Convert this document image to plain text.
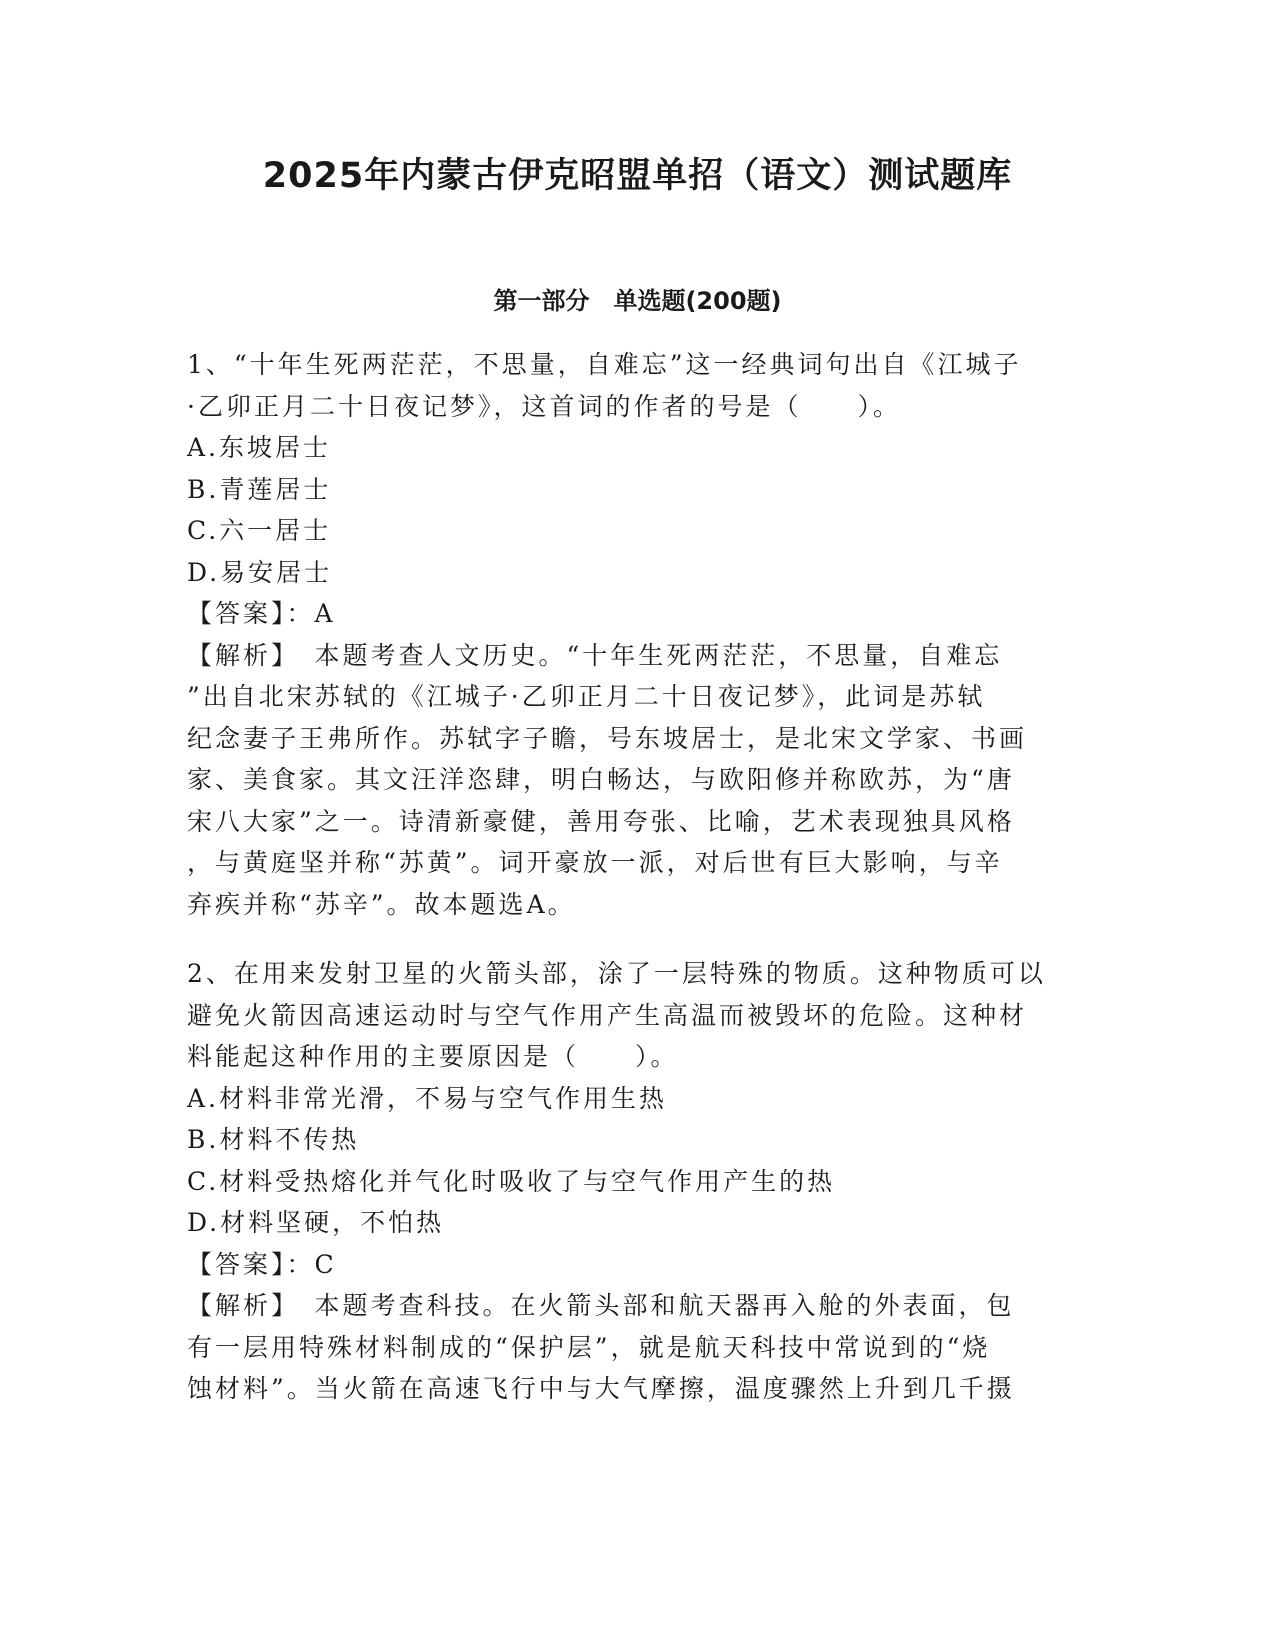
2025年内蒙古伊克昭盟单招（语文）测试题库
第一部分　单选题(200题)
1、“十年生死两茫茫，不思量，自难忘”这一经典词句出自《江城子
·乙卯正月二十日夜记梦》，这首词的作者的号是（　　）。
A.东坡居士
B.青莲居士
C.六一居士
D.易安居士
【答案】：A
【解析】　本题考查人文历史。“十年生死两茫茫，不思量，自难忘
”出自北宋苏轼的《江城子·乙卯正月二十日夜记梦》，此词是苏轼
纪念妻子王弗所作。苏轼字子瞻，号东坡居士，是北宋文学家、书画
家、美食家。其文汪洋恣肆，明白畅达，与欧阳修并称欧苏，为“唐
宋八大家”之一。诗清新豪健，善用夸张、比喻，艺术表现独具风格
，与黄庭坚并称“苏黄”。词开豪放一派，对后世有巨大影响，与辛
弃疾并称“苏辛”。故本题选A。
2、在用来发射卫星的火箭头部，涂了一层特殊的物质。这种物质可以
避免火箭因高速运动时与空气作用产生高温而被毁坏的危险。这种材
料能起这种作用的主要原因是（　　）。
A.材料非常光滑，不易与空气作用生热
B.材料不传热
C.材料受热熔化并气化时吸收了与空气作用产生的热
D.材料坚硬，不怕热
【答案】：C
【解析】　本题考查科技。在火箭头部和航天器再入舱的外表面，包
有一层用特殊材料制成的“保护层”，就是航天科技中常说到的“烧
蚀材料”。当火箭在高速飞行中与大气摩擦，温度骤然上升到几千摄
